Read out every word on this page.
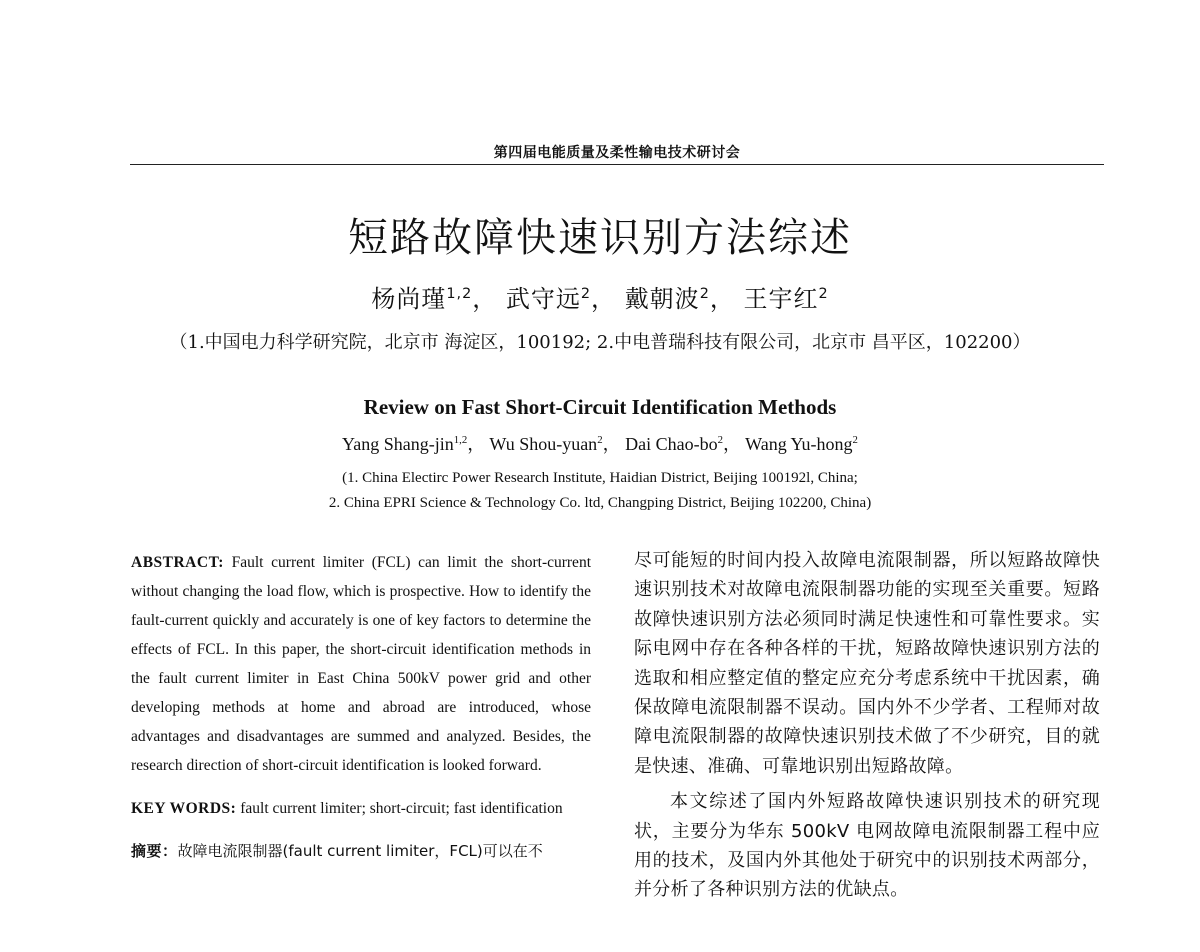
第四届电能质量及柔性输电技术研讨会
短路故障快速识别方法综述
杨尚瑾$^{1,2}$， 武守远$^2$， 戴朝波$^2$， 王宇红$^2$
（1.中国电力科学研究院，北京市 海淀区，100192; 2.中电普瑞科技有限公司，北京市 昌平区，102200）
Review on Fast Short-Circuit Identification Methods
Yang Shang-jin$^{1,2}$， Wu Shou-yuan$^2$， Dai Chao-$bo^2$， Wang Yu-hong$^2$
(1. China Electirc Power Research Institute, Haidian District, Beijing 100192l, China;
2. China EPRI Science & Technology Co. ltd, Changping District, Beijing 102200, China)

ABSTRACT: Fault current limiter (FCL) can limit the short-current without changing the load flow, which is prospective. How to identify the fault-current quickly and accurately is one of key factors to determine the effects of FCL. In this paper, the short-circuit identification methods in the fault current limiter in East China 500kV power grid and other developing methods at home and abroad are introduced, whose advantages and disadvantages are summed and analyzed. Besides, the research direction of short-circuit identification is looked forward.

KEY WORDS: fault current limiter; short-circuit; fast identification

摘要：故障电流限制器(fault current limiter，FCL)可以在不

尽可能短的时间内投入故障电流限制器，所以短路故障快速识别技术对故障电流限制器功能的实现至关重要。短路故障快速识别方法必须同时满足快速性和可靠性要求。实际电网中存在各种各样的干扰，短路故障快速识别方法的选取和相应整定值的整定应充分考虑系统中干扰因素，确保故障电流限制器不误动。国内外不少学者、工程师对故障电流限制器的故障快速识别技术做了不少研究，目的就是快速、准确、可靠地识别出短路故障。

本文综述了国内外短路故障快速识别技术的研究现状，主要分为华东 500kV 电网故障电流限制器工程中应用的技术，及国内外其他处于研究中的识别技术两部分，并分析了各种识别方法的优缺点。
